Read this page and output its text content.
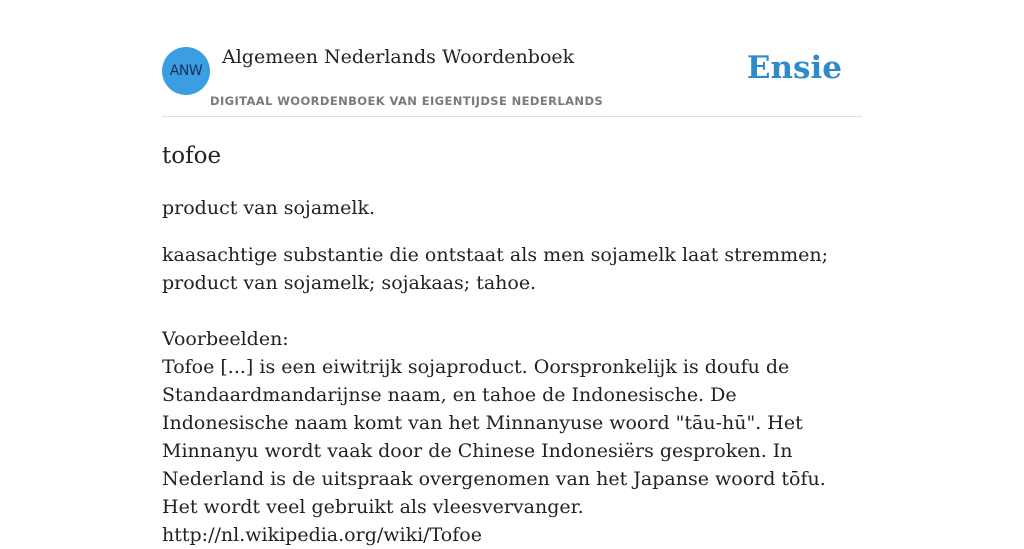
ANW
Algemeen Nederlands Woordenboek
DIGITAAL WOORDENBOEK VAN EIGENTIJDSE NEDERLANDS
Ensie
tofoe

product van sojamelk.

kaasachtige substantie die ontstaat als men sojamelk laat stremmen; product van sojamelk; sojakaas; tahoe.

Voorbeelden:

Tofoe [...] is een eiwitrijk sojaproduct. Oorspronkelijk is doufu de Standaardmandarijnse naam, en tahoe de Indonesische. De Indonesische naam komt van het Minnanyuse woord "tāu-hū". Het Minnanyu wordt vaak door de Chinese Indonesiërs gesproken. In Nederland is de uitspraak overgenomen van het Japanse woord tōfu. Het wordt veel gebruikt als vleesvervanger.

http://nl.wikipedia.org/wiki/Tofoe
